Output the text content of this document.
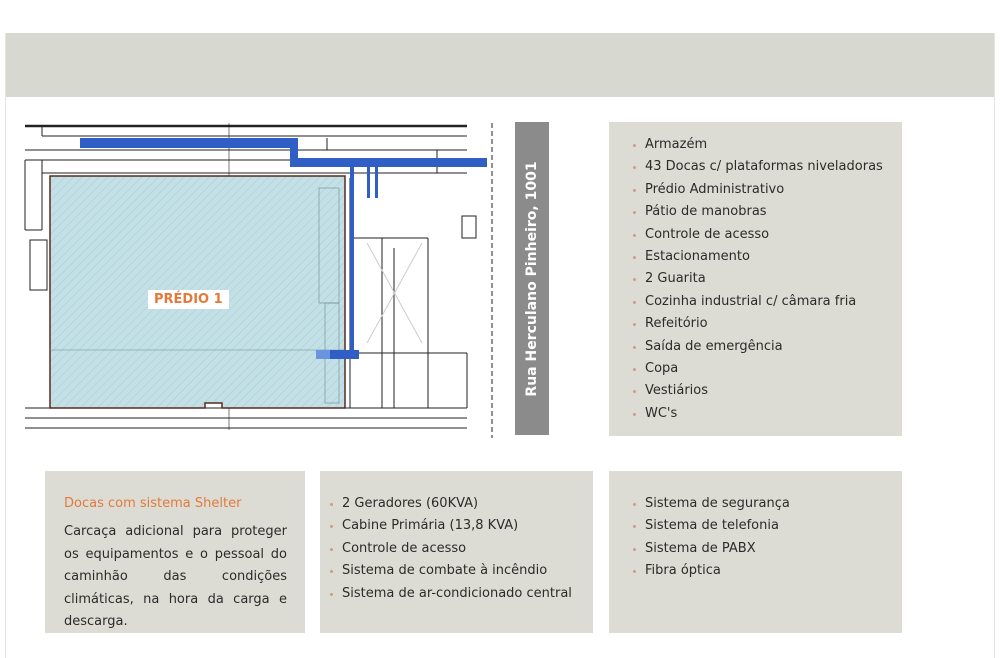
PRÉDIO 1	Rua Herculano Pinheiro, 1001
Armazém
43 Docas c/ plataformas niveladoras
Prédio Administrativo
Pátio de manobras
Controle de acesso
Estacionamento
2 Guarita
Cozinha industrial c/ câmara fria
Refeitório
Saída de emergência
Copa
Vestiários
WC's
Docas com sistema Shelter
Carcaça adicional para proteger os equipamentos e o pessoal do caminhão das condições climáticas, na hora da carga e descarga.
2 Geradores (60KVA)
Cabine Primária (13,8 KVA)
Controle de acesso
Sistema de combate à incêndio
Sistema de ar-condicionado central
Sistema de segurança
Sistema de telefonia
Sistema de PABX
Fibra óptica
